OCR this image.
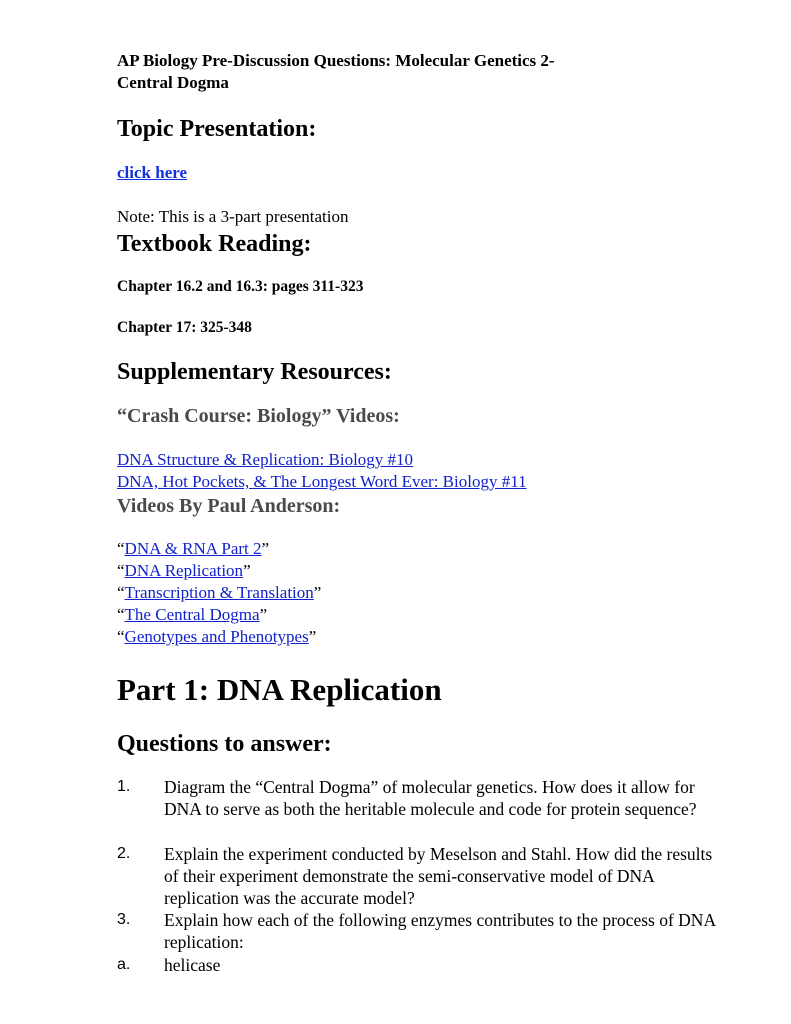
AP Biology Pre-Discussion Questions: Molecular Genetics 2-
Central Dogma
Topic Presentation:
click here
Note: This is a 3-part presentation
Textbook Reading:
Chapter 16.2 and 16.3: pages 311-323
Chapter 17: 325-348
Supplementary Resources:
“Crash Course: Biology” Videos:
DNA Structure & Replication: Biology #10
DNA, Hot Pockets, & The Longest Word Ever: Biology #11
Videos By Paul Anderson:
“DNA & RNA Part 2”
“DNA Replication”
“Transcription & Translation”
“The Central Dogma”
“Genotypes and Phenotypes”
Part 1: DNA Replication
Questions to answer:
1. Diagram the “Central Dogma” of molecular genetics. How does it allow for DNA to serve as both the heritable molecule and code for protein sequence?
2. Explain the experiment conducted by Meselson and Stahl. How did the results of their experiment demonstrate the semi-conservative model of DNA replication was the accurate model?
3. Explain how each of the following enzymes contributes to the process of DNA replication:
a. helicase
